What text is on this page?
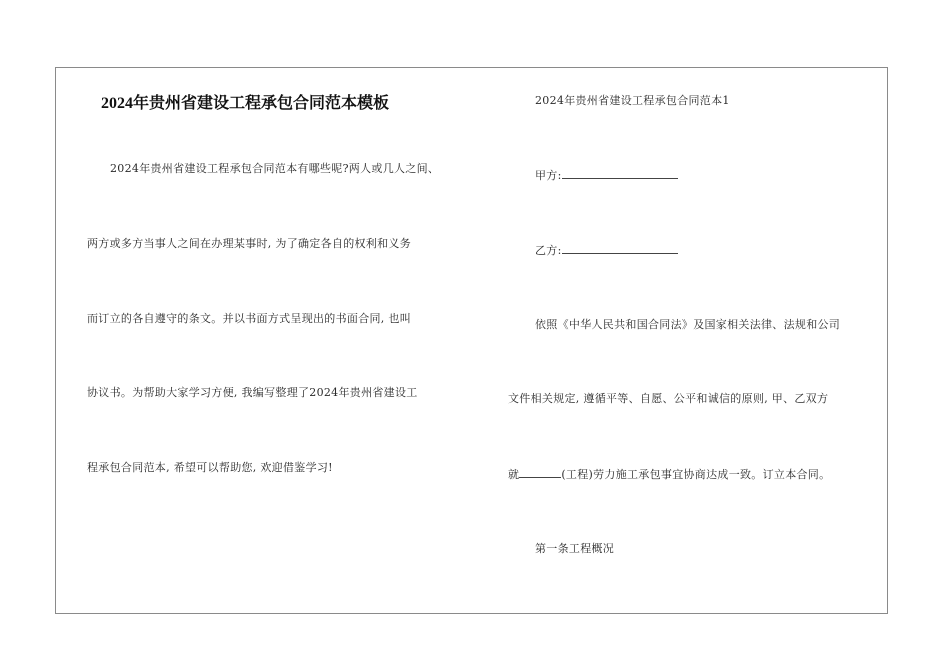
2024年贵州省建设工程承包合同范本模板
2024年贵州省建设工程承包合同范本有哪些呢?两人或几人之间、
两方或多方当事人之间在办理某事时, 为了确定各自的权利和义务
而订立的各自遵守的条文。并以书面方式呈现出的书面合同, 也叫
协议书。为帮助大家学习方便, 我编写整理了2024年贵州省建设工
程承包合同范本, 希望可以帮助您, 欢迎借鉴学习!
2024年贵州省建设工程承包合同范本1
甲方:
乙方:
依照《中华人民共和国合同法》及国家相关法律、法规和公司
文件相关规定, 遵循平等、自愿、公平和诚信的原则, 甲、乙双方
就	(工程)劳力施工承包事宜协商达成一致。订立本合同。
第一条工程概况
